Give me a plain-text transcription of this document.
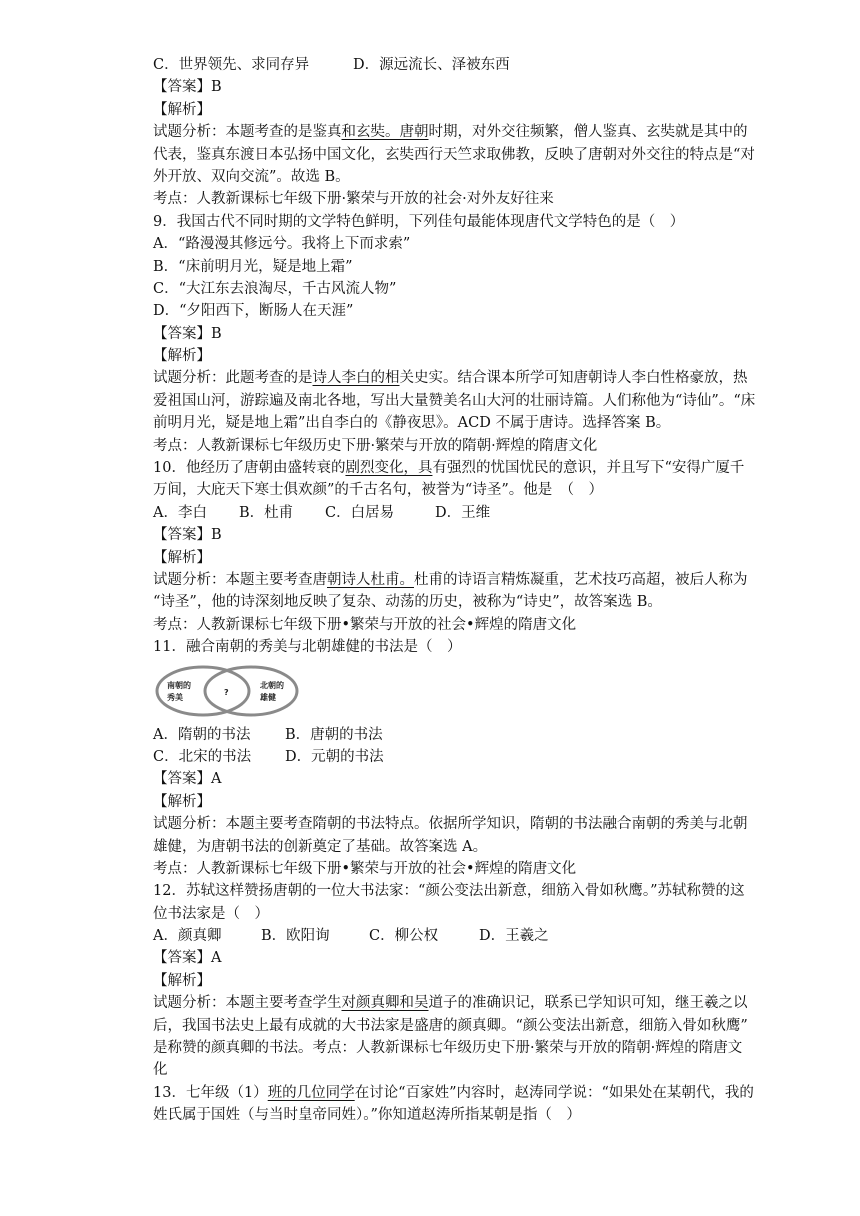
C．世界领先、求同存异	D．源远流长、泽被东西
【答案】B
【解析】
试题分析：本题考查的是鉴真和玄奘。唐朝时期，对外交往频繁，僧人鉴真、玄奘就是其中的
代表，鉴真东渡日本弘扬中国文化，玄奘西行天竺求取佛教，反映了唐朝对外交往的特点是“对
外开放、双向交流”。故选 B。
考点：人教新课标七年级下册·繁荣与开放的社会·对外友好往来
9．我国古代不同时期的文学特色鲜明，下列佳句最能体现唐代文学特色的是（　）
A．“路漫漫其修远兮。我将上下而求索”
B．“床前明月光，疑是地上霜”
C．“大江东去浪淘尽，千古风流人物”
D．“夕阳西下，断肠人在天涯”
【答案】B
【解析】
试题分析：此题考查的是诗人李白的相关史实。结合课本所学可知唐朝诗人李白性格豪放，热
爱祖国山河，游踪遍及南北各地，写出大量赞美名山大河的壮丽诗篇。人们称他为“诗仙”。“床
前明月光，疑是地上霜”出自李白的《静夜思》。ACD 不属于唐诗。选择答案 B。
考点：人教新课标七年级历史下册·繁荣与开放的隋朝·辉煌的隋唐文化
10．他经历了唐朝由盛转衰的剧烈变化，具有强烈的忧国忧民的意识，并且写下“安得广厦千
万间，大庇天下寒士俱欢颜”的千古名句，被誉为“诗圣”。他是　（　）
A．李白 B．杜甫 C．白居易	D．王维
【答案】B
【解析】
试题分析：本题主要考查唐朝诗人杜甫。杜甫的诗语言精炼凝重，艺术技巧高超，被后人称为
“诗圣”，他的诗深刻地反映了复杂、动荡的历史，被称为“诗史”，故答案选 B。
考点：人教新课标七年级下册•繁荣与开放的社会•辉煌的隋唐文化
11．融合南朝的秀美与北朝雄健的书法是（　）
南朝的
秀美
?
北朝的
雄健
A．隋朝的书法 B．唐朝的书法
C．北宋的书法 D．元朝的书法
【答案】A
【解析】
试题分析：本题主要考查隋朝的书法特点。依据所学知识，隋朝的书法融合南朝的秀美与北朝
雄健，为唐朝书法的创新奠定了基础。故答案选 A。
考点：人教新课标七年级下册•繁荣与开放的社会•辉煌的隋唐文化
12．苏轼这样赞扬唐朝的一位大书法家：“颜公变法出新意，细筋入骨如秋鹰。”苏轼称赞的这
位书法家是（　）
A．颜真卿	B．欧阳询	C．柳公权	D．王羲之
【答案】A
【解析】
试题分析：本题主要考查学生对颜真卿和吴道子的准确识记，联系已学知识可知，继王羲之以
后，我国书法史上最有成就的大书法家是盛唐的颜真卿。“颜公变法出新意，细筋入骨如秋鹰”
是称赞的颜真卿的书法。考点：人教新课标七年级历史下册·繁荣与开放的隋朝·辉煌的隋唐文
化
13．七年级（1）班的几位同学在讨论“百家姓”内容时，赵涛同学说：“如果处在某朝代，我的
姓氏属于国姓（与当时皇帝同姓）。”你知道赵涛所指某朝是指（　）
